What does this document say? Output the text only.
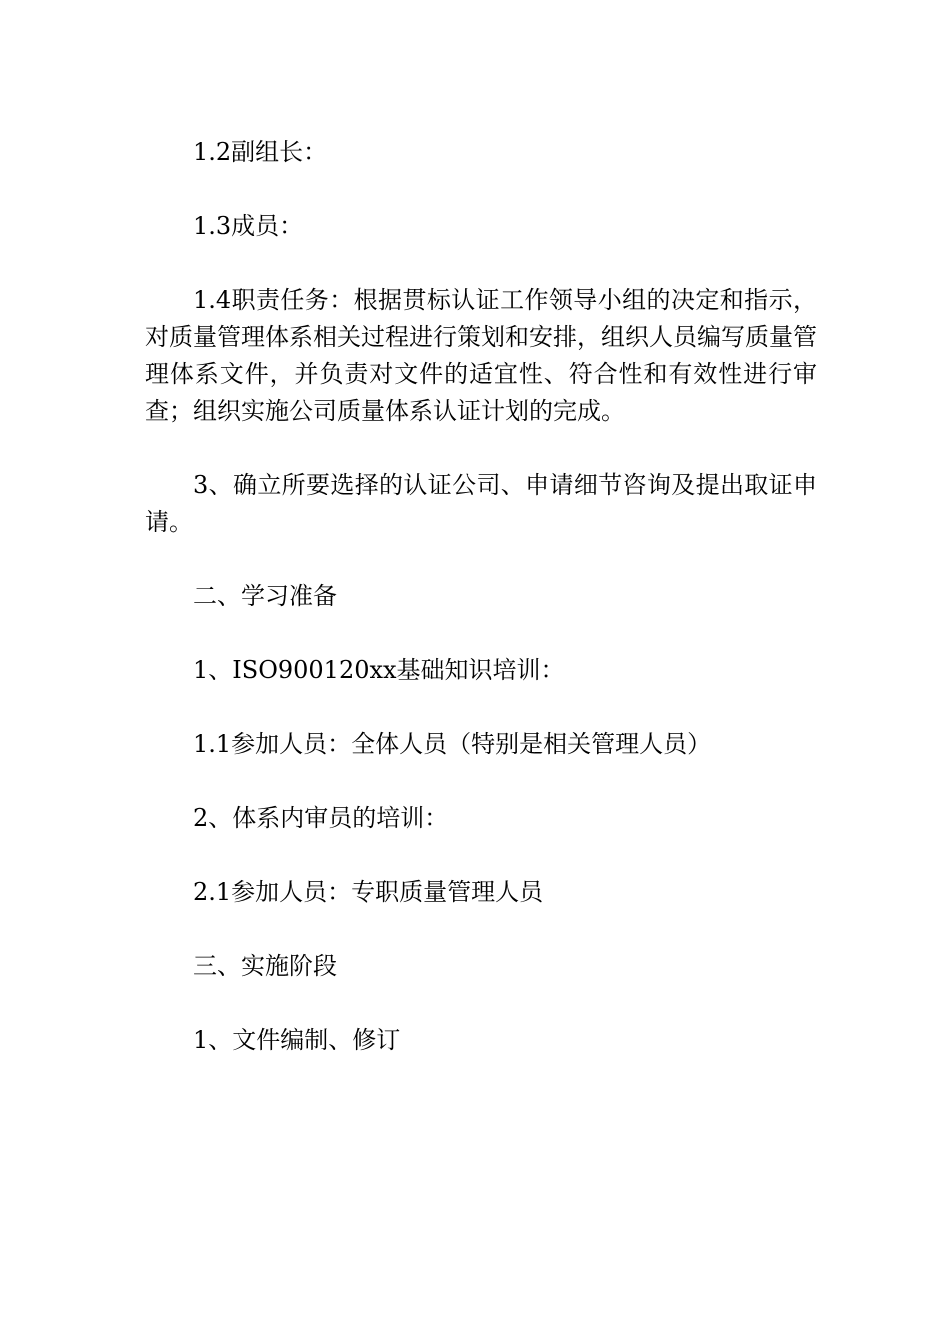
1.2副组长：

1.3成员：

1.4职责任务：根据贯标认证工作领导小组的决定和指示，对质量管理体系相关过程进行策划和安排，组织人员编写质量管理体系文件，并负责对文件的适宜性、符合性和有效性进行审查；组织实施公司质量体系认证计划的完成。

3、确立所要选择的认证公司、申请细节咨询及提出取证申请。

二、学习准备

1、ISO900120xx基础知识培训：

1.1参加人员：全体人员（特别是相关管理人员）

2、体系内审员的培训：

2.1参加人员：专职质量管理人员

三、实施阶段

1、文件编制、修订
